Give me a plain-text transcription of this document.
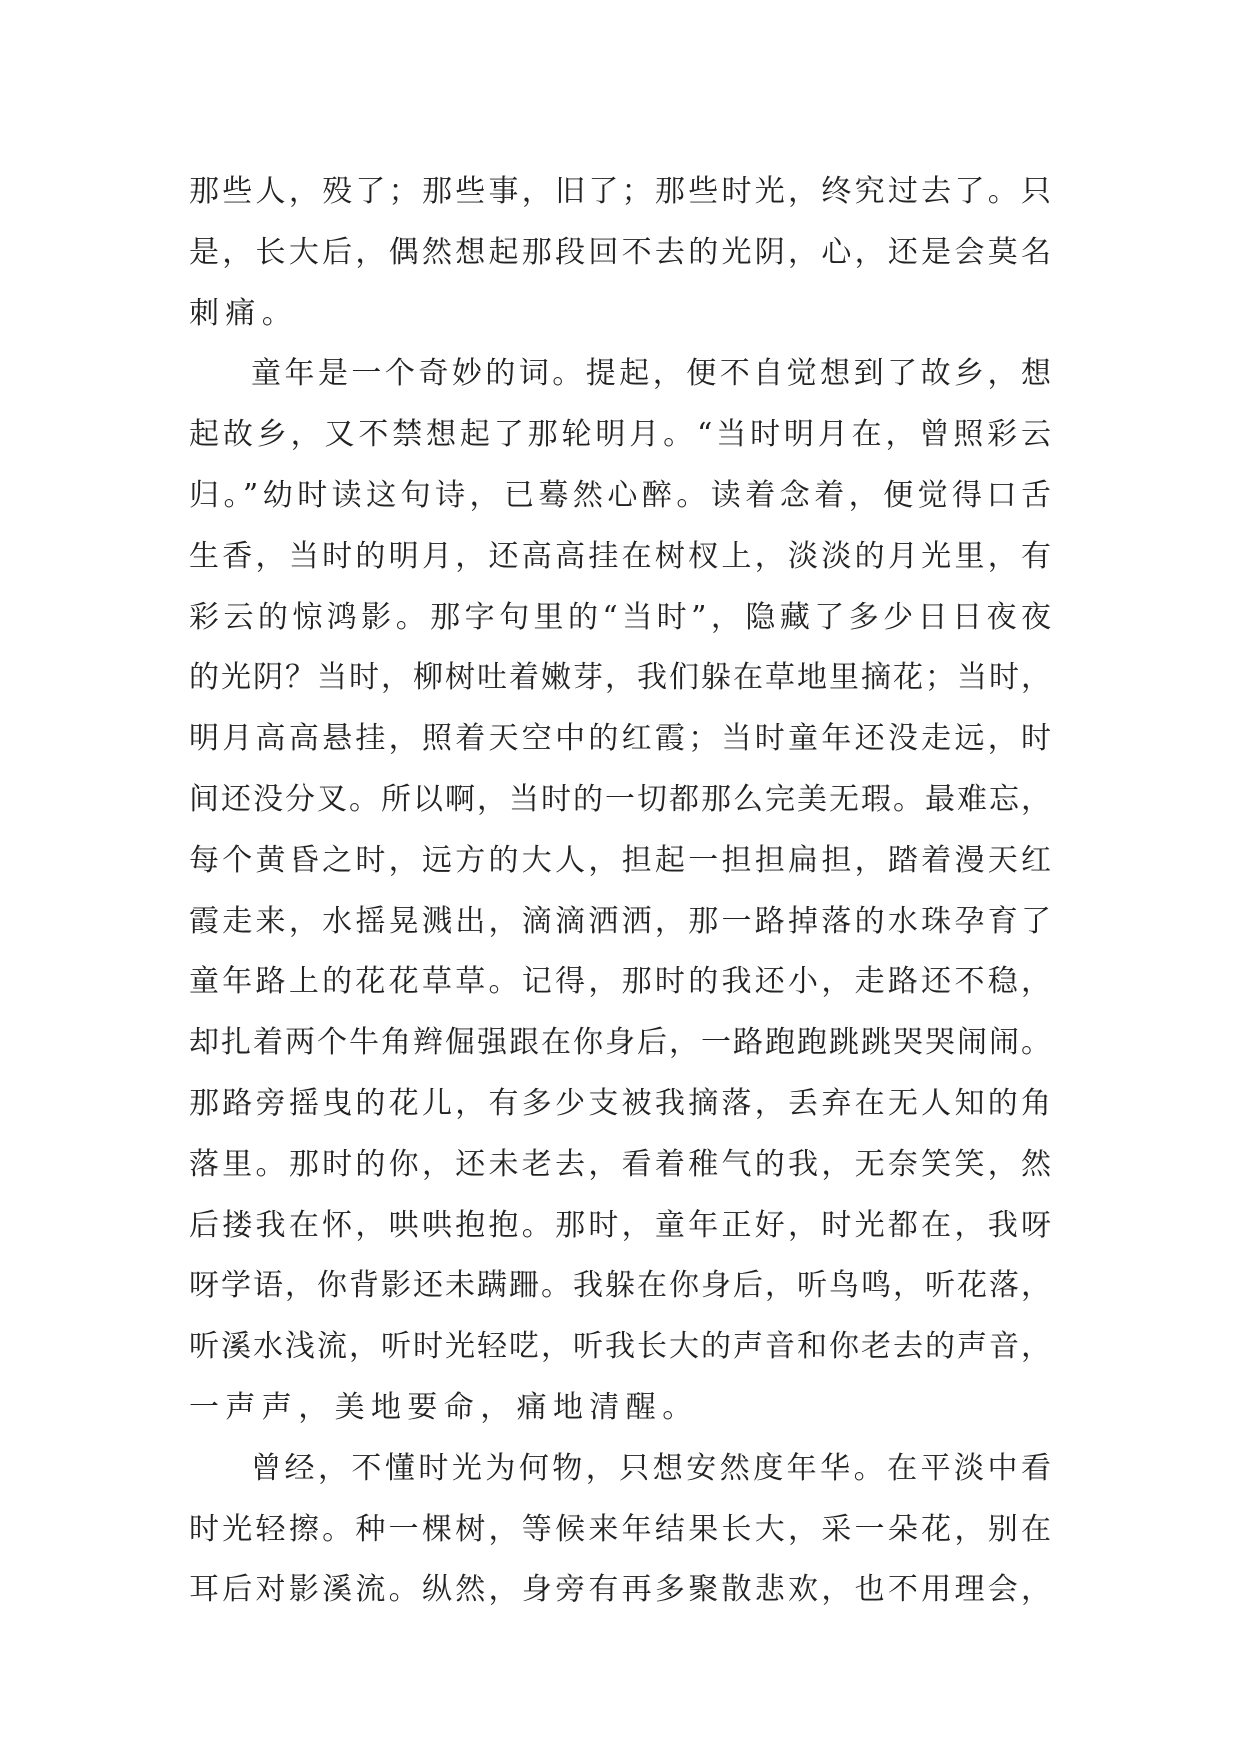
那些人，殁了；那些事，旧了；那些时光，终究过去了。只
是，长大后，偶然想起那段回不去的光阴，心，还是会莫名
刺痛。
童年是一个奇妙的词。提起，便不自觉想到了故乡，想
起故乡，又不禁想起了那轮明月。“当时明月在，曾照彩云
归。”幼时读这句诗，已蓦然心醉。读着念着，便觉得口舌
生香，当时的明月，还高高挂在树杈上，淡淡的月光里，有
彩云的惊鸿影。那字句里的“当时”，隐藏了多少日日夜夜
的光阴？当时，柳树吐着嫩芽，我们躲在草地里摘花；当时，
明月高高悬挂，照着天空中的红霞；当时童年还没走远，时
间还没分叉。所以啊，当时的一切都那么完美无瑕。最难忘，
每个黄昏之时，远方的大人，担起一担担扁担，踏着漫天红
霞走来，水摇晃溅出，滴滴洒洒，那一路掉落的水珠孕育了
童年路上的花花草草。记得，那时的我还小，走路还不稳，
却扎着两个牛角辫倔强跟在你身后，一路跑跑跳跳哭哭闹闹。
那路旁摇曳的花儿，有多少支被我摘落，丢弃在无人知的角
落里。那时的你，还未老去，看着稚气的我，无奈笑笑，然
后搂我在怀，哄哄抱抱。那时，童年正好，时光都在，我呀
呀学语，你背影还未蹒跚。我躲在你身后，听鸟鸣，听花落，
听溪水浅流，听时光轻呓，听我长大的声音和你老去的声音，
一声声，美地要命，痛地清醒。
曾经，不懂时光为何物，只想安然度年华。在平淡中看
时光轻擦。种一棵树，等候来年结果长大，采一朵花，别在
耳后对影溪流。纵然，身旁有再多聚散悲欢，也不用理会，
